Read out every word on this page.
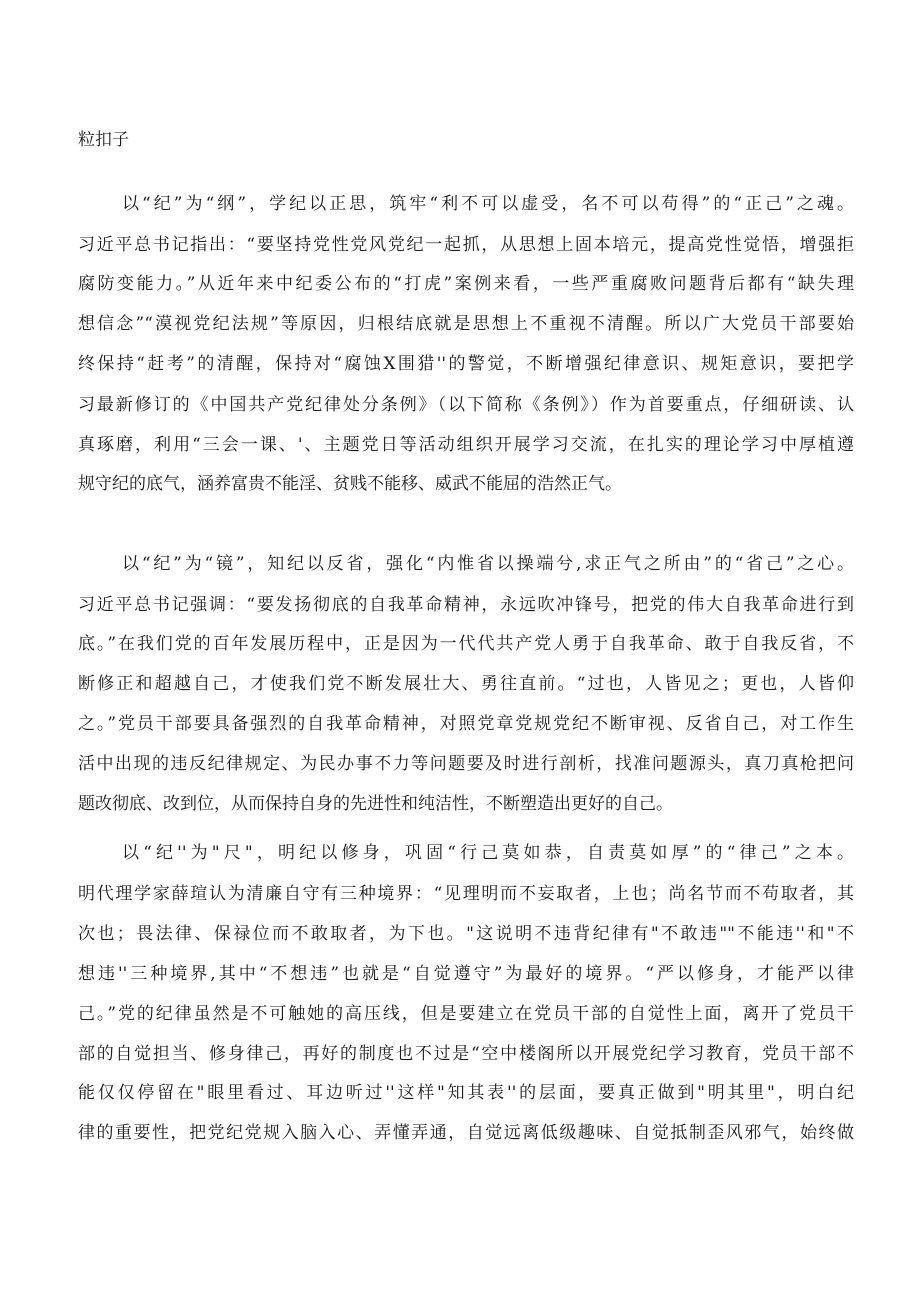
粒扣子
以“纪”为“纲”，学纪以正思，筑牢“利不可以虚受，名不可以苟得”的“正己”之魂。
习近平总书记指出：“要坚持党性党风党纪一起抓，从思想上固本培元，提高党性觉悟，增强拒
腐防变能力。”从近年来中纪委公布的“打虎”案例来看，一些严重腐败问题背后都有“缺失理
想信念”“漠视党纪法规”等原因，归根结底就是思想上不重视不清醒。所以广大党员干部要始
终保持“赶考”的清醒，保持对“腐蚀X围猎''的警觉，不断增强纪律意识、规矩意识，要把学
习最新修订的《中国共产党纪律处分条例》（以下简称《条例》）作为首要重点，仔细研读、认
真琢磨，利用“三会一课、'、主题党日等活动组织开展学习交流，在扎实的理论学习中厚植遵
规守纪的底气，涵养富贵不能淫、贫贱不能移、威武不能屈的浩然正气。
以“纪”为“镜”，知纪以反省，强化“内惟省以操端兮,求正气之所由”的“省己”之心。
习近平总书记强调：“要发扬彻底的自我革命精神，永远吹冲锋号，把党的伟大自我革命进行到
底。”在我们党的百年发展历程中，正是因为一代代共产党人勇于自我革命、敢于自我反省，不
断修正和超越自己，才使我们党不断发展壮大、勇往直前。“过也，人皆见之；更也，人皆仰
之。”党员干部要具备强烈的自我革命精神，对照党章党规党纪不断审视、反省自己，对工作生
活中出现的违反纪律规定、为民办事不力等问题要及时进行剖析，找准问题源头，真刀真枪把问
题改彻底、改到位，从而保持自身的先进性和纯洁性，不断塑造出更好的自己。
以“纪''为"尺"，明纪以修身，巩固“行己莫如恭，自责莫如厚”的“律己”之本。
明代理学家薛瑄认为清廉自守有三种境界：“见理明而不妄取者，上也；尚名节而不苟取者，其
次也；畏法律、保禄位而不敢取者，为下也。"这说明不违背纪律有"不敢违""不能违''和"不
想违''三种境界,其中“不想违”也就是“自觉遵守”为最好的境界。“严以修身，才能严以律
己。”党的纪律虽然是不可触她的高压线，但是要建立在党员干部的自觉性上面，离开了党员干
部的自觉担当、修身律己，再好的制度也不过是“空中楼阁所以开展党纪学习教育，党员干部不
能仅仅停留在"眼里看过、耳边听过''这样"知其表''的层面，要真正做到"明其里"，明白纪
律的重要性，把党纪党规入脑入心、弄懂弄通，自觉远离低级趣味、自觉抵制歪风邪气，始终做
